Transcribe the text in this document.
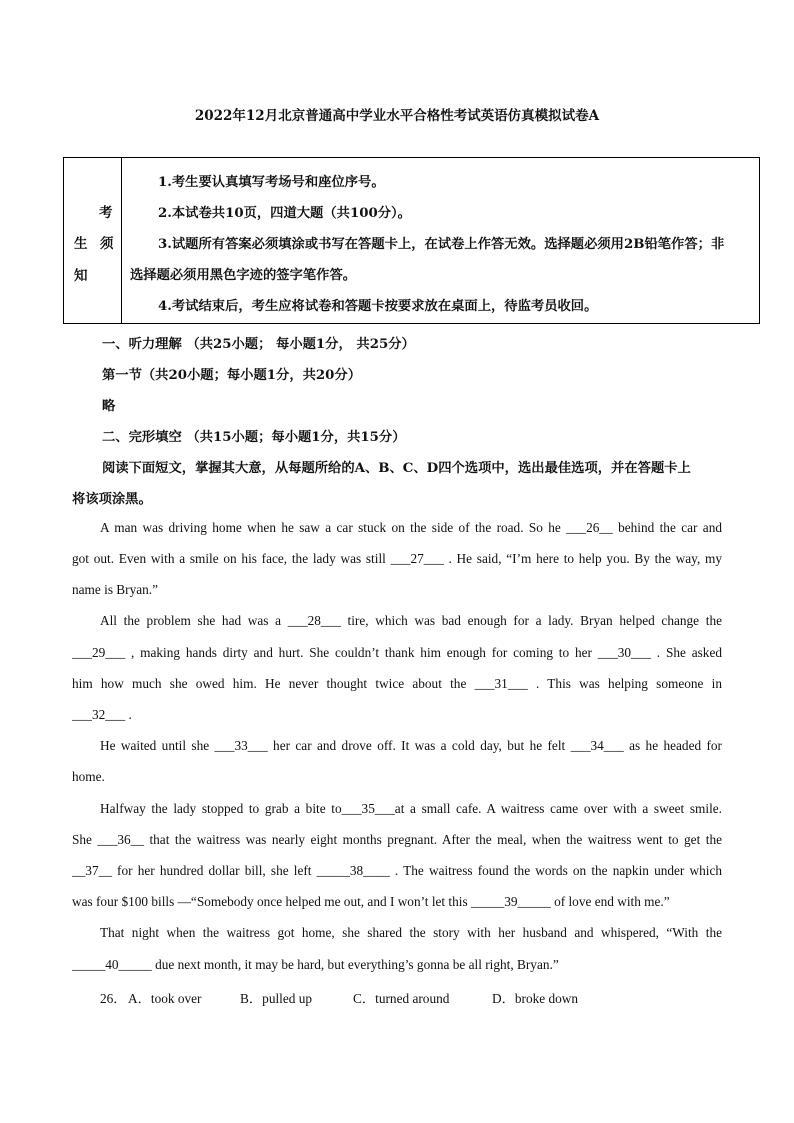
2022年12月北京普通高中学业水平合格性考试英语仿真模拟试卷A
考
生 须
知
1.考生要认真填写考场号和座位序号。
2.本试卷共10页，四道大题（共100分）。
3.试题所有答案必须填涂或书写在答题卡上，在试卷上作答无效。选择题必须用2B铅笔作答；非
选择题必须用黑色字迹的签字笔作答。
4.考试结束后，考生应将试卷和答题卡按要求放在桌面上，待监考员收回。
一、听力理解 （共25小题； 每小题1分， 共25分）
第一节（共20小题；每小题1分，共20分）
略
二、完形填空 （共15小题；每小题1分，共15分）
阅读下面短文，掌握其大意，从每题所给的A、B、C、D四个选项中，选出最佳选项，并在答题卡上
将该项涂黑。
A man was driving home when he saw a car stuck on the side of the road. So he ___26__ behind the car and
got out. Even with a smile on his face, the lady was still ___27___ . He said, “I’m here to help you. By the way, my
name is Bryan.”
All the problem she had was a ___28___ tire, which was bad enough for a lady. Bryan helped change the
___29___ , making hands dirty and hurt. She couldn’t thank him enough for coming to her ___30___ . She asked
him how much she owed him. He never thought twice about the ___31___ . This was helping someone in
___32___ .
He waited until she ___33___ her car and drove off. It was a cold day, but he felt ___34___ as he headed for
home.
Halfway the lady stopped to grab a bite to___35___at a small cafe. A waitress came over with a sweet smile.
She ___36__ that the waitress was nearly eight months pregnant. After the meal, when the waitress went to get the
__37__ for her hundred dollar bill, she left _____38____ . The waitress found the words on the napkin under which
was four $100 bills —“Somebody once helped me out, and I won’t let this _____39_____ of love end with me.”
That night when the waitress got home, she shared the story with her husband and whispered, “With the
_____40_____ due next month, it may be hard, but everything’s gonna be all right, Bryan.”
26． A．took over	B．pulled up	C．turned around	D．broke down
